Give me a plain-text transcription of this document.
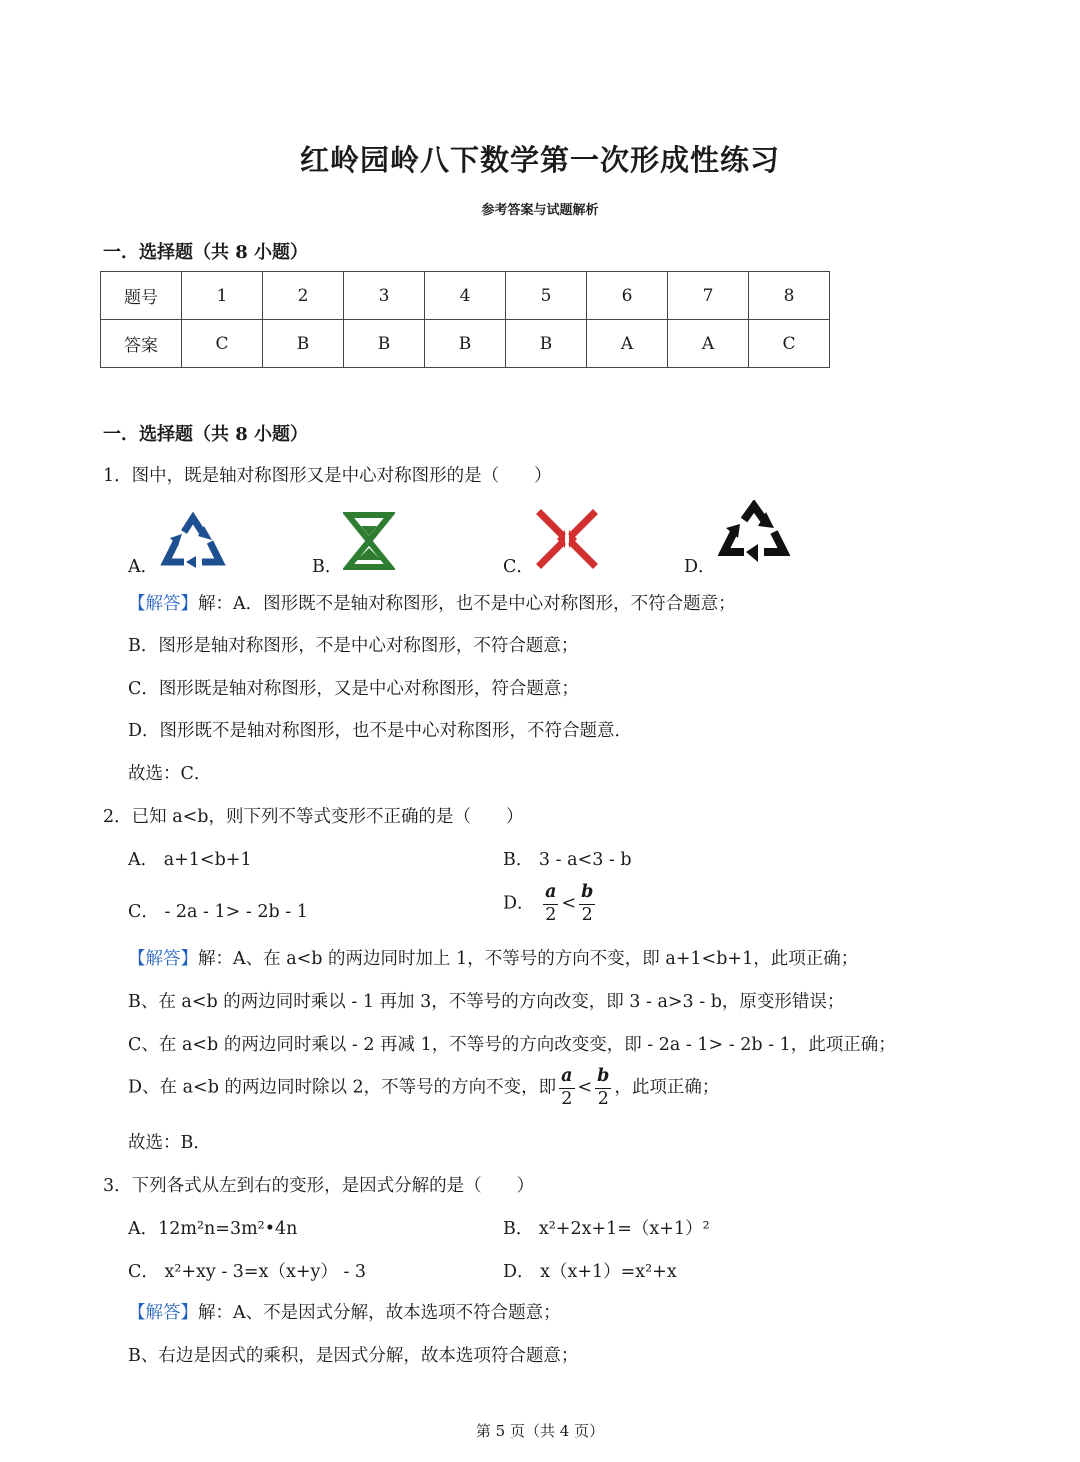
红岭园岭八下数学第一次形成性练习
参考答案与试题解析
一．选择题（共 8 小题）
题号	1	2	3	4	5	6	7	8
答案	C	B	B	B	B	A	A	C
一．选择题（共 8 小题）
1．图中，既是轴对称图形又是中心对称图形的是（　　）
A．	B．	C．	D．
【解答】解：A．图形既不是轴对称图形，也不是中心对称图形，不符合题意；
B．图形是轴对称图形，不是中心对称图形，不符合题意；
C．图形既是轴对称图形，又是中心对称图形，符合题意；
D．图形既不是轴对称图形，也不是中心对称图形，不符合题意．
故选：C．
2．已知 a<b，则下列不等式变形不正确的是（　　）
A． a+1<b+1	B． 3 - a<3 - b
C． - 2a - 1> - 2b - 1	D． $\frac{a}{2} < \frac{b}{2}$
【解答】解：A、在 a<b 的两边同时加上 1，不等号的方向不变，即 a+1<b+1，此项正确；
B、在 a<b 的两边同时乘以 - 1 再加 3，不等号的方向改变，即 3 - a>3 - b，原变形错误；
C、在 a<b 的两边同时乘以 - 2 再减 1，不等号的方向改变变，即 - 2a - 1> - 2b - 1，此项正确；
D、在 a<b 的两边同时除以 2，不等号的方向不变，即 $\frac{a}{2} < \frac{b}{2}$ ，此项正确；
故选：B．
3．下列各式从左到右的变形，是因式分解的是（　　）
A．12m²n=3m²•4n	B． x²+2x+1=（x+1）²
C． x²+xy - 3=x（x+y） - 3	D． x（x+1）=x²+x
【解答】解：A、不是因式分解，故本选项不符合题意；
B、右边是因式的乘积，是因式分解，故本选项符合题意；
第 5 页（共 4 页）
